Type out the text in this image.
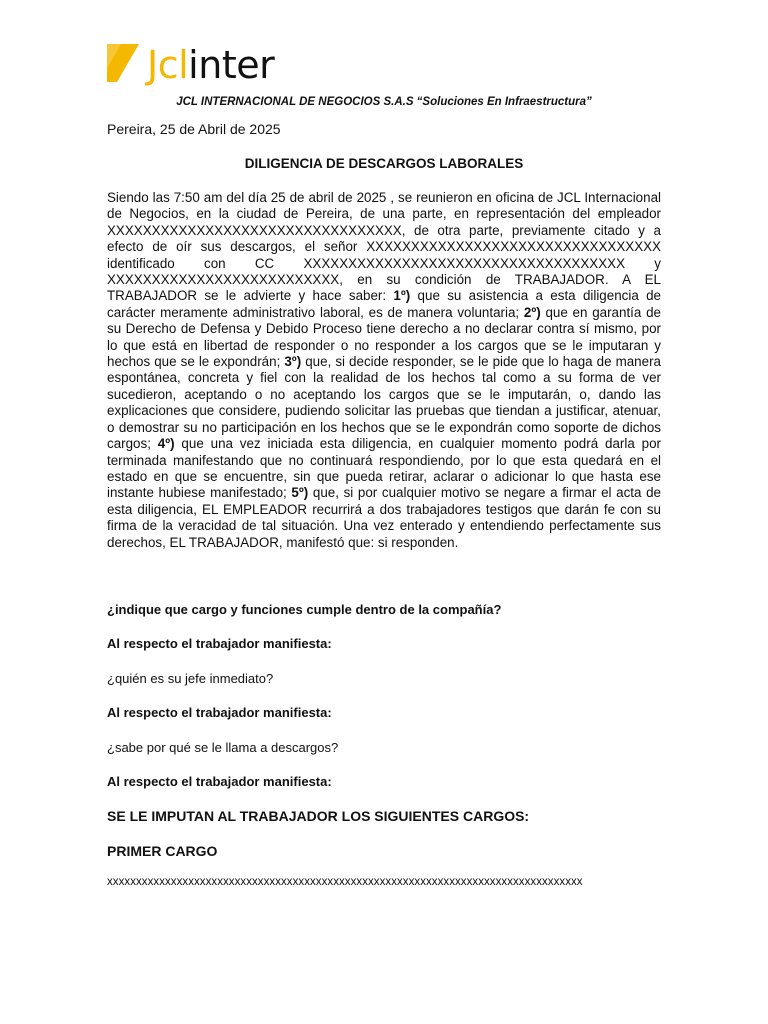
Jclinter
JCL INTERNACIONAL DE NEGOCIOS S.A.S “Soluciones En Infraestructura”
Pereira, 25 de Abril de 2025
DILIGENCIA DE DESCARGOS LABORALES

Siendo las 7:50 am del día 25 de abril de 2025 , se reunieron en oficina de JCL Internacional de Negocios, en la ciudad de Pereira, de una parte, en representación del empleador XXXXXXXXXXXXXXXXXXXXXXXXXXXXXXXXX, de otra parte, previamente citado y a efecto de oír sus descargos, el señor XXXXXXXXXXXXXXXXXXXXXXXXXXXXXXXXX identificado con CC XXXXXXXXXXXXXXXXXXXXXXXXXXXXXXXXXXXX y XXXXXXXXXXXXXXXXXXXXXXXXXX, en su condición de TRABAJADOR. A EL TRABAJADOR se le advierte y hace saber: 1º) que su asistencia a esta diligencia de carácter meramente administrativo laboral, es de manera voluntaria; 2º) que en garantía de su Derecho de Defensa y Debido Proceso tiene derecho a no declarar contra sí mismo, por lo que está en libertad de responder o no responder a los cargos que se le imputaran y hechos que se le expondrán; 3º) que, si decide responder, se le pide que lo haga de manera espontánea, concreta y fiel con la realidad de los hechos tal como a su forma de ver sucedieron, aceptando o no aceptando los cargos que se le imputarán, o, dando las explicaciones que considere, pudiendo solicitar las pruebas que tiendan a justificar, atenuar, o demostrar su no participación en los hechos que se le expondrán como soporte de dichos cargos; 4º) que una vez iniciada esta diligencia, en cualquier momento podrá darla por terminada manifestando que no continuará respondiendo, por lo que esta quedará en el estado en que se encuentre, sin que pueda retirar, aclarar o adicionar lo que hasta ese instante hubiese manifestado; 5º) que, si por cualquier motivo se negare a firmar el acta de esta diligencia, EL EMPLEADOR recurrirá a dos trabajadores testigos que darán fe con su firma de la veracidad de tal situación. Una vez enterado y entendiendo perfectamente sus derechos, EL TRABAJADOR, manifestó que: si responden.

¿indique que cargo y funciones cumple dentro de la compañía?
Al respecto el trabajador manifiesta:
¿quién es su jefe inmediato?
Al respecto el trabajador manifiesta:
¿sabe por qué se le llama a descargos?
Al respecto el trabajador manifiesta:
SE LE IMPUTAN AL TRABAJADOR LOS SIGUIENTES CARGOS:
PRIMER CARGO
xxxxxxxxxxxxxxxxxxxxxxxxxxxxxxxxxxxxxxxxxxxxxxxxxxxxxxxxxxxxxxxxxxxxxxxxxxxxxxxxxx
